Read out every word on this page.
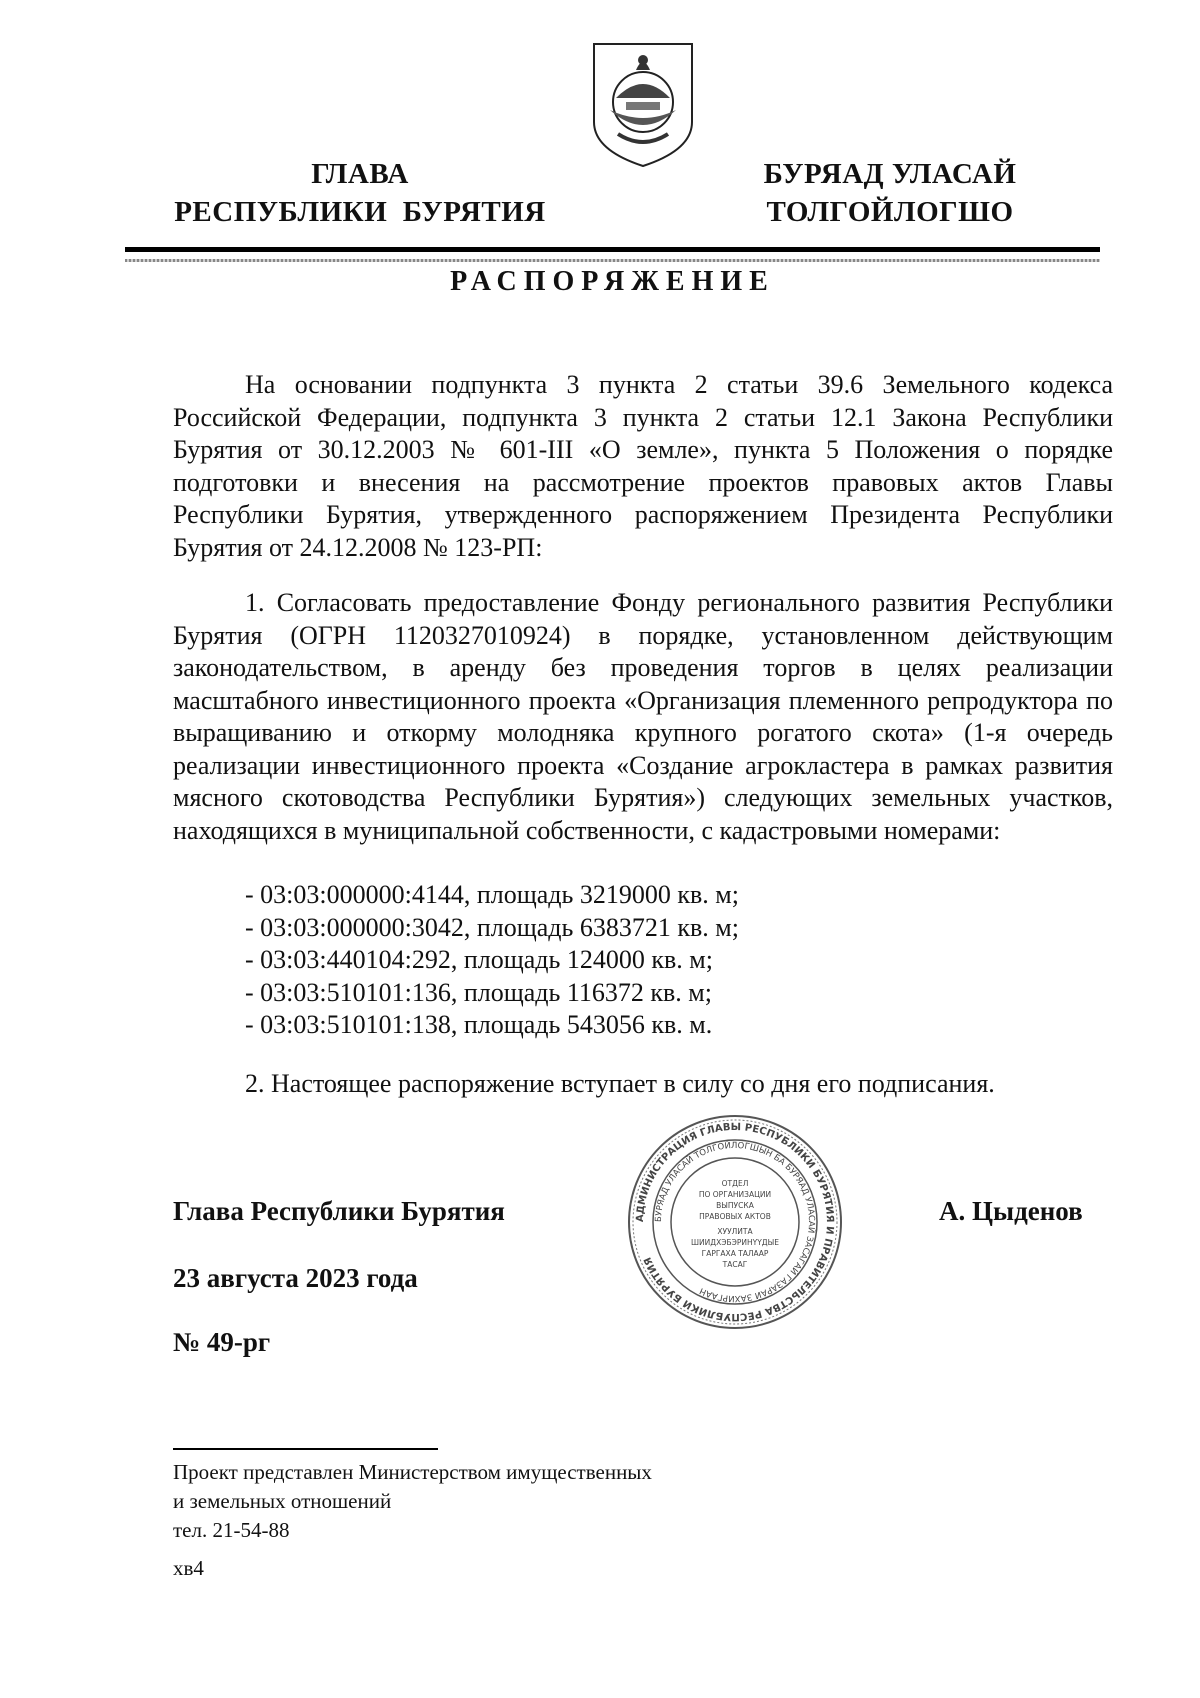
ГЛАВА
РЕСПУБЛИКИ  БУРЯТИЯ
БУРЯАД УЛАСАЙ
ТОЛГОЙЛОГШО
РАСПОРЯЖЕНИЕ

На основании подпункта 3 пункта 2 статьи 39.6 Земельного кодекса Российской Федерации, подпункта 3 пункта 2 статьи 12.1 Закона Республики Бурятия от 30.12.2003 № 601-III «О земле», пункта 5 Положения о порядке подготовки и внесения на рассмотрение проектов правовых актов Главы Республики Бурятия, утвержденного распоряжением Президента Республики Бурятия от 24.12.2008 № 123-РП:

1. Согласовать предоставление Фонду регионального развития Республики Бурятия (ОГРН 1120327010924) в порядке, установленном действующим законодательством, в аренду без проведения торгов в целях реализации масштабного инвестиционного проекта «Организация племенного репродуктора по выращиванию и откорму молодняка крупного рогатого скота» (1-я очередь реализации инвестиционного проекта «Создание агрокластера в рамках развития мясного скотоводства Республики Бурятия») следующих земельных участков, находящихся в муниципальной собственности, с кадастровыми номерами:

- 03:03:000000:4144, площадь 3219000 кв. м;
- 03:03:000000:3042, площадь 6383721 кв. м;
- 03:03:440104:292, площадь 124000 кв. м;
- 03:03:510101:136, площадь 116372 кв. м;
- 03:03:510101:138, площадь 543056 кв. м.

2. Настоящее распоряжение вступает в силу со дня его подписания.

АДМИНИСТРАЦИЯ ГЛАВЫ РЕСПУБЛИКИ БУРЯТИЯ И ПРАВИТЕЛЬСТВА РЕСПУБЛИКИ БУРЯТИЯ
БУРЯАД УЛАСАЙ ТОЛГОЙЛОГШЫН БА БУРЯАД УЛАСАЙ ЗАСАГАЙ ГАЗАРАЙ ЗАХИРГААН
ОТДЕЛ
ПО ОРГАНИЗАЦИИ
ВЫПУСКА
ПРАВОВЫХ АКТОВ
ХУУЛИТА
ШИИДХЭБЭРИНҮҮДЫЕ
ГАРГАХА ТАЛААР
ТАСАГ

Глава Республики Бурятия	А. Цыденов

23 августа 2023 года

№ 49-рг

Проект представлен Министерством имущественных
и земельных отношений
тел. 21-54-88

хв4
